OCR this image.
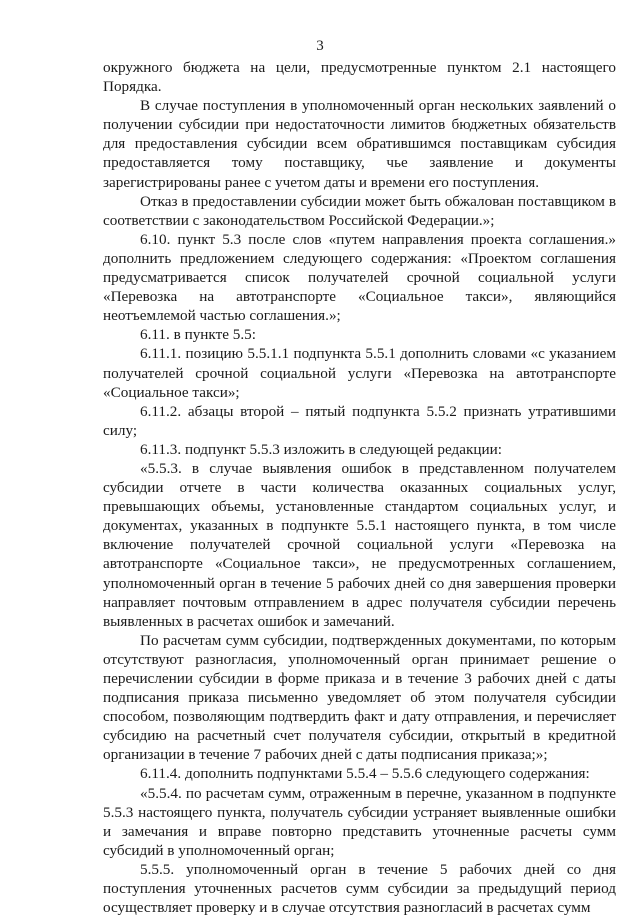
3

окружного бюджета на цели, предусмотренные пунктом 2.1 настоящего Порядка.

В случае поступления в уполномоченный орган нескольких заявлений о получении субсидии при недостаточности лимитов бюджетных обязательств для предоставления субсидии всем обратившимся поставщикам субсидия предоставляется тому поставщику, чье заявление и документы зарегистрированы ранее с учетом даты и времени его поступления.

Отказ в предоставлении субсидии может быть обжалован поставщиком в соответствии с законодательством Российской Федерации.»;

6.10. пункт 5.3 после слов «путем направления проекта соглашения.» дополнить предложением следующего содержания: «Проектом соглашения предусматривается список получателей срочной социальной услуги «Перевозка на автотранспорте «Социальное такси», являющийся неотъемлемой частью соглашения.»;

6.11. в пункте 5.5:

6.11.1. позицию 5.5.1.1 подпункта 5.5.1 дополнить словами «с указанием получателей срочной социальной услуги «Перевозка на автотранспорте «Социальное такси»;

6.11.2. абзацы второй – пятый подпункта 5.5.2 признать утратившими силу;

6.11.3. подпункт 5.5.3 изложить в следующей редакции:

«5.5.3. в случае выявления ошибок в представленном получателем субсидии отчете в части количества оказанных социальных услуг, превышающих объемы, установленные стандартом социальных услуг, и документах, указанных в подпункте 5.5.1 настоящего пункта, в том числе включение получателей срочной социальной услуги «Перевозка на автотранспорте «Социальное такси», не предусмотренных соглашением, уполномоченный орган в течение 5 рабочих дней со дня завершения проверки направляет почтовым отправлением в адрес получателя субсидии перечень выявленных в расчетах ошибок и замечаний.

По расчетам сумм субсидии, подтвержденных документами, по которым отсутствуют разногласия, уполномоченный орган принимает решение о перечислении субсидии в форме приказа и в течение 3 рабочих дней с даты подписания приказа письменно уведомляет об этом получателя субсидии способом, позволяющим подтвердить факт и дату отправления, и перечисляет субсидию на расчетный счет получателя субсидии, открытый в кредитной организации в течение 7 рабочих дней с даты подписания приказа;»;

6.11.4. дополнить подпунктами 5.5.4 – 5.5.6 следующего содержания:

«5.5.4. по расчетам сумм, отраженным в перечне, указанном в подпункте 5.5.3 настоящего пункта, получатель субсидии устраняет выявленные ошибки и замечания и вправе повторно представить уточненные расчеты сумм субсидий в уполномоченный орган;

5.5.5. уполномоченный орган в течение 5 рабочих дней со дня поступления уточненных расчетов сумм субсидии за предыдущий период осуществляет проверку и в случае отсутствия разногласий в расчетах сумм
